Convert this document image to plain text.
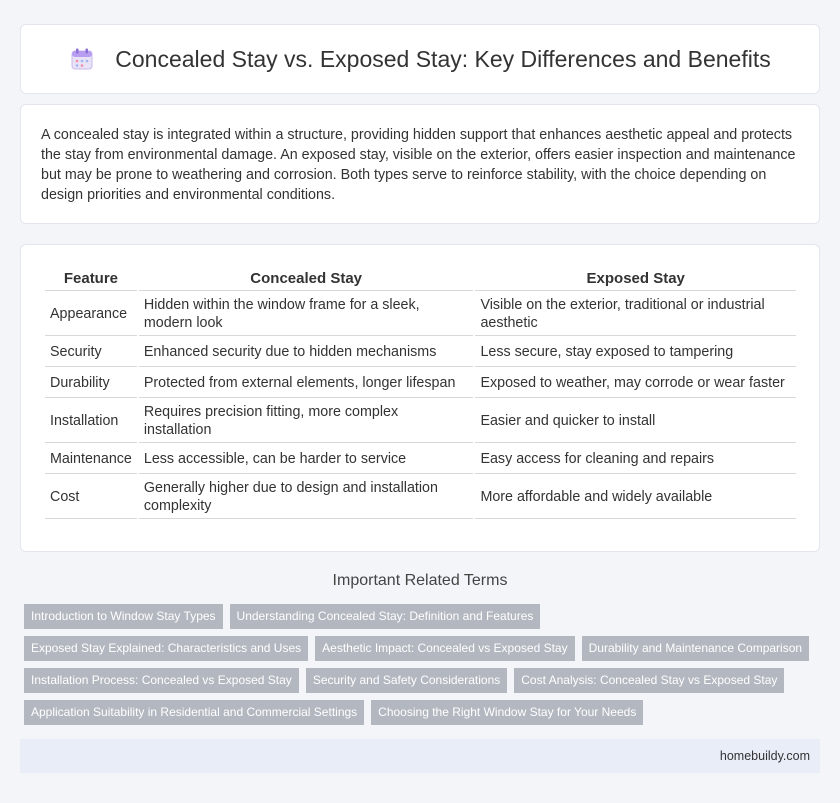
Concealed Stay vs. Exposed Stay: Key Differences and Benefits

A concealed stay is integrated within a structure, providing hidden support that enhances aesthetic appeal and protects the stay from environmental damage. An exposed stay, visible on the exterior, offers easier inspection and maintenance but may be prone to weathering and corrosion. Both types serve to reinforce stability, with the choice depending on design priorities and environmental conditions.

Feature	Concealed Stay	Exposed Stay
Appearance	Hidden within the window frame for a sleek, modern look	Visible on the exterior, traditional or industrial aesthetic
Security	Enhanced security due to hidden mechanisms	Less secure, stay exposed to tampering
Durability	Protected from external elements, longer lifespan	Exposed to weather, may corrode or wear faster
Installation	Requires precision fitting, more complex installation	Easier and quicker to install
Maintenance	Less accessible, can be harder to service	Easy access for cleaning and repairs
Cost	Generally higher due to design and installation complexity	More affordable and widely available
Important Related Terms
Introduction to Window Stay Types	Understanding Concealed Stay: Definition and Features
Exposed Stay Explained: Characteristics and Uses	Aesthetic Impact: Concealed vs Exposed Stay	Durability and Maintenance Comparison
Installation Process: Concealed vs Exposed Stay	Security and Safety Considerations	Cost Analysis: Concealed Stay vs Exposed Stay
Application Suitability in Residential and Commercial Settings	Choosing the Right Window Stay for Your Needs
homebuildy.com
